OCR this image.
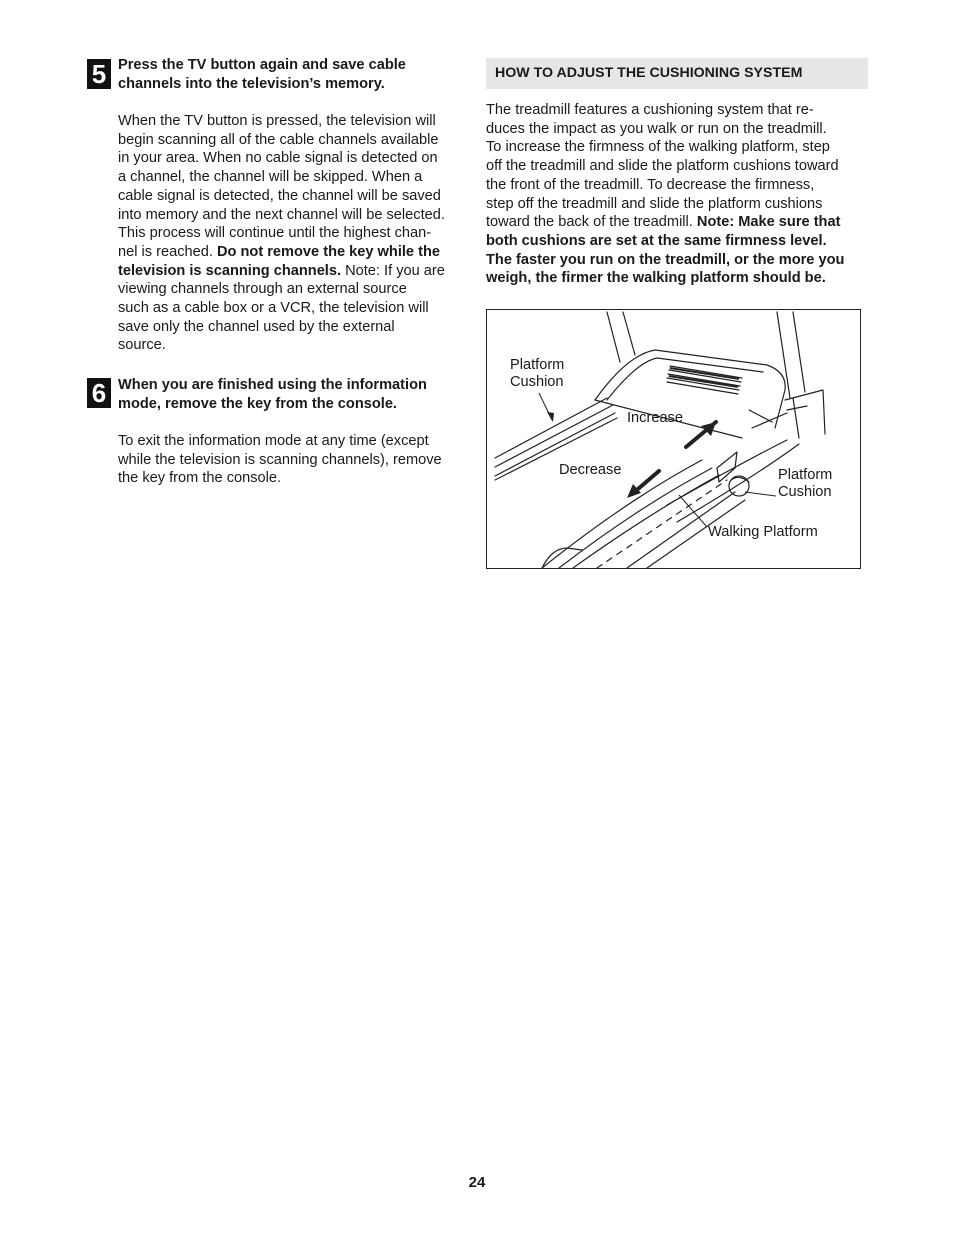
5 Press the TV button again and save cable
channels into the television’s memory.
When the TV button is pressed, the television will
begin scanning all of the cable channels available
in your area. When no cable signal is detected on
a channel, the channel will be skipped. When a
cable signal is detected, the channel will be saved
into memory and the next channel will be selected.
This process will continue until the highest chan-
nel is reached. Do not remove the key while the
television is scanning channels. Note: If you are
viewing channels through an external source
such as a cable box or a VCR, the television will
save only the channel used by the external
source.
6 When you are finished using the information
mode, remove the key from the console.
To exit the information mode at any time (except
while the television is scanning channels), remove
the key from the console.
HOW TO ADJUST THE CUSHIONING SYSTEM
The treadmill features a cushioning system that re-
duces the impact as you walk or run on the treadmill.
To increase the firmness of the walking platform, step
off the treadmill and slide the platform cushions toward
the front of the treadmill. To decrease the firmness,
step off the treadmill and slide the platform cushions
toward the back of the treadmill. Note: Make sure that
both cushions are set at the same firmness level.
The faster you run on the treadmill, or the more you
weigh, the firmer the walking platform should be.
Platform
Cushion
Increase
Decrease	Platform
Cushion
Walking Platform
24
